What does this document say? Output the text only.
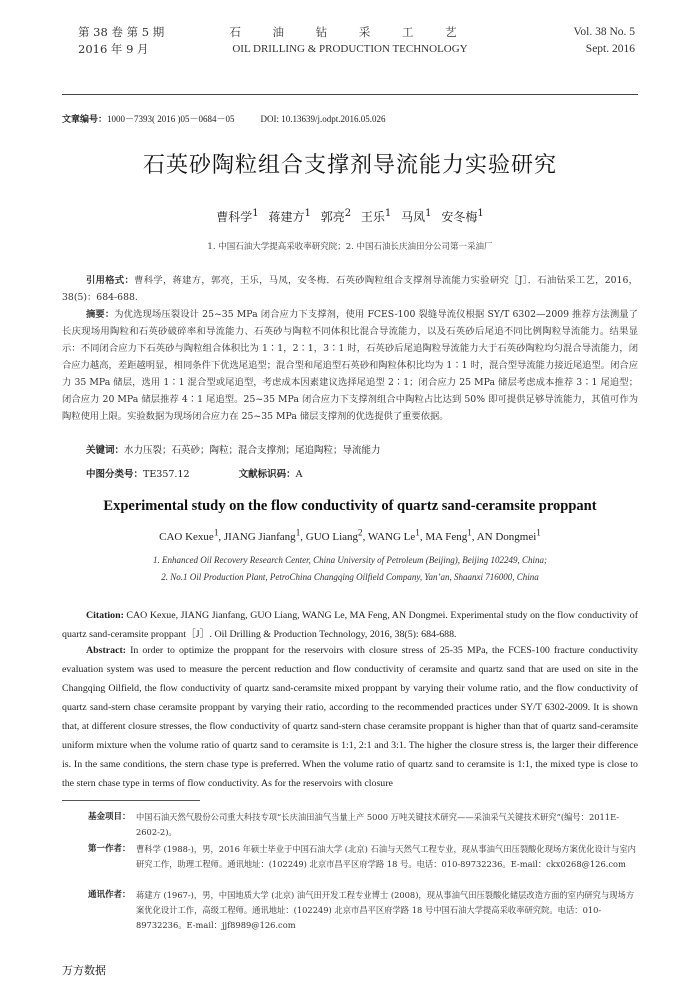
第 38 卷 第 5 期
2016 年 9 月
石 油 钻 采 工 艺
OIL DRILLING & PRODUCTION TECHNOLOGY
Vol. 38 No. 5
Sept. 2016
文章编号：1000－7393( 2016 )05－0684－05	DOI: 10.13639/j.odpt.2016.05.026
石英砂陶粒组合支撑剂导流能力实验研究
曹科学$^1$ 蒋建方$^1$ 郭亮$^2$ 王乐$^1$ 马凤$^1$ 安冬梅$^1$
1. 中国石油大学提高采收率研究院；2. 中国石油长庆油田分公司第一采油厂
引用格式：曹科学，蒋建方，郭亮，王乐，马凤，安冬梅．石英砂陶粒组合支撑剂导流能力实验研究［J］．石油钻采工艺，2016，38(5)：684-688.
摘要：为优选现场压裂设计 25~35 MPa 闭合应力下支撑剂，使用 FCES-100 裂缝导流仪根据 SY/T 6302—2009 推荐方法测量了长庆现场用陶粒和石英砂破碎率和导流能力、石英砂与陶粒不同体积比混合导流能力，以及石英砂后尾追不同比例陶粒导流能力。结果显示：不同闭合应力下石英砂与陶粒组合体积比为 1∶1，2∶1，3∶1 时，石英砂后尾追陶粒导流能力大于石英砂陶粒均匀混合导流能力，闭合应力越高，差距越明显，相同条件下优选尾追型；混合型和尾追型石英砂和陶粒体积比均为 1∶1 时，混合型导流能力接近尾追型。闭合应力 35 MPa 储层，选用 1∶1 混合型或尾追型，考虑成本因素建议选择尾追型 2∶1；闭合应力 25 MPa 储层考虑成本推荐 3∶1 尾追型；闭合应力 20 MPa 储层推荐 4∶1 尾追型。25~35 MPa 闭合应力下支撑剂组合中陶粒占比达到 50% 即可提供足够导流能力，其值可作为陶粒使用上限。实验数据为现场闭合应力在 25~35 MPa 储层支撑剂的优选提供了重要依据。
关键词：水力压裂；石英砂；陶粒；混合支撑剂；尾追陶粒；导流能力
中图分类号：TE357.12	文献标识码：A
Experimental study on the flow conductivity of quartz sand-ceramsite proppant
CAO Kexue$^1$, JIANG Jianfang$^1$, GUO Liang$^2$, WANG Le$^1$, MA Feng$^1$, AN Dongmei$^1$
1. Enhanced Oil Recovery Research Center, China University of Petroleum (Beijing), Beijing 102249, China;
2. No.1 Oil Production Plant, PetroChina Changqing Oilfield Company, Yan’an, Shaanxi 716000, China
Citation: CAO Kexue, JIANG Jianfang, GUO Liang, WANG Le, MA Feng, AN Dongmei. Experimental study on the flow conductivity of quartz sand-ceramsite proppant［J］. Oil Drilling & Production Technology, 2016, 38(5): 684-688.
Abstract: In order to optimize the proppant for the reservoirs with closure stress of 25-35 MPa, the FCES-100 fracture conductivity evaluation system was used to measure the percent reduction and flow conductivity of ceramsite and quartz sand that are used on site in the Changqing Oilfield, the flow conductivity of quartz sand-ceramsite mixed proppant by varying their volume ratio, and the flow conductivity of quartz sand-stern chase ceramsite proppant by varying their ratio, according to the recommended practices under SY/T 6302-2009. It is shown that, at different closure stresses, the flow conductivity of quartz sand-stern chase ceramsite proppant is higher than that of quartz sand-ceramsite uniform mixture when the volume ratio of quartz sand to ceramsite is 1:1, 2:1 and 3:1. The higher the closure stress is, the larger their difference is. In the same conditions, the stern chase type is preferred. When the volume ratio of quartz sand to ceramsite is 1:1, the mixed type is close to the stern chase type in terms of flow conductivity. As for the reservoirs with closure
基金项目： 中国石油天然气股份公司重大科技专项“长庆油田油气当量上产 5000 万吨关键技术研究——采油采气关键技术研究”(编号：2011E-2602-2)。
第一作者： 曹科学 (1988-)，男，2016 年硕士毕业于中国石油大学 (北京) 石油与天然气工程专业，现从事油气田压裂酸化现场方案优化设计与室内研究工作，助理工程师。通讯地址：(102249) 北京市昌平区府学路 18 号。电话：010-89732236。E-mail：ckx0268@126.com
通讯作者： 蒋建方 (1967-)，男，中国地质大学 (北京) 油气田开发工程专业博士 (2008)，现从事油气田压裂酸化储层改造方面的室内研究与现场方案优化设计工作，高级工程师。通讯地址：(102249) 北京市昌平区府学路 18 号中国石油大学提高采收率研究院。电话：010-89732236。E-mail：jjf8989@126.com
万方数据
